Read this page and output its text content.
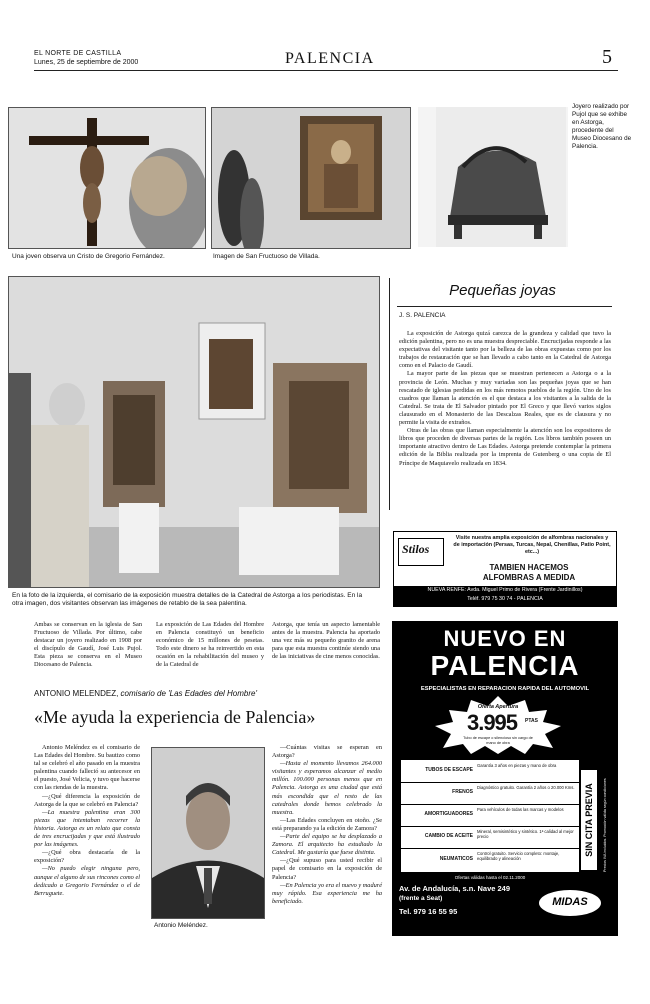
EL NORTE DE CASTILLA
Lunes, 25 de septiembre de 2000	PALENCIA	5
Una joven observa un Cristo de Gregorio Fernández.	Imagen de San Fructuoso de Villada.
Joyero realizado por Pujol que se exhibe en Astorga, procedente del Museo Diocesano de Palencia.
En la foto de la izquierda, el comisario de la exposición muestra detalles de la Catedral de Astorga a los periodistas. En la otra imagen, dos visitantes observan las imágenes de retablo de la sea palentina.
Pequeñas joyas
J. S. PALENCIA

La exposición de Astorga quizá carezca de la grandeza y calidad que tuvo la edición palentina, pero no es una muestra despreciable. Encrucijadas responde a las expectativas del visitante tanto por la belleza de las obras expuestas como por los trabajos de restauración que se han llevado a cabo tanto en la Catedral de Astorga como en el Palacio de Gaudí.

La mayor parte de las piezas que se muestran pertenecen a Astorga o a la provincia de León. Muchas y muy variadas son las pequeñas joyas que se han rescatado de iglesias perdidas en los más remotos pueblos de la región. Uno de los cuadros que llaman la atención es el que destaca a los visitantes a la salida de la Catedral. Se trata de El Salvador pintado por El Greco y que llevó varios siglos clausurado en el Monasterio de las Descalzas Reales, que es de clausura y no permite la visita de extraños.

Otras de las obras que llaman especialmente la atención son los expositores de libros que proceden de diversas partes de la región. Los libros también poseen un importante atractivo dentro de Las Edades. Astorga pretende contemplar la primera edición de la Biblia realizada por la imprenta de Gutenberg o una copia de El Príncipe de Maquiavelo realizada en 1834.

Stilos
Visite nuestra amplia exposición de alfombras nacionales y de importación (Persas, Turcas, Nepal, Chenillas, Patio Point, etc...)
TAMBIEN HACEMOS
ALFOMBRAS A MEDIDA
NUEVA RENFE: Avda. Miguel Primo de Rivera (Frente Jardinillos)
Teléf. 979 75 30 74 - PALENCIA
Ambas se conservan en la iglesia de San Fructuoso de Villada. Por último, cabe destacar un joyero realizado en 1908 por el discípulo de Gaudí, José Luis Pujol. Esta pieza se conserva en el Museo Diocesano de Palencia.
La exposición de Las Edades del Hombre en Palencia constituyó un beneficio económico de 15 millones de pesetas. Todo este dinero se ha reinvertido en esta ocasión en la rehabilitación del museo y de la Catedral de
Astorga, que tenía un aspecto lamentable antes de la muestra. Palencia ha aportado una vez más su pequeño granito de arena para que esta muestra continúe siendo una de las iniciativas de cine menos conocidas.
ANTONIO MELENDEZ, comisario de 'Las Edades del Hombre'
«Me ayuda la experiencia de Palencia»

Antonio Meléndez es el comisario de Las Edades del Hombre. Su bautizo como tal se celebró el año pasado en la muestra palentina cuando falleció su antecesor en el puesto, José Velicia, y tuvo que hacerse con las riendas de la muestra.

—¿Qué diferencia la exposición de Astorga de la que se celebró en Palencia?

—La muestra palentina eran 300 piezas que intentaban recorrer la historia. Astorga es un relato que consta de tres encrucijadas y que está ilustrado por las imágenes.

—¿Qué obra destacaría de la exposición?

—No puedo elegir ninguna pero, aunque el alguno de sus rincones como el dedicado a Gregorio Fernández o el de Berruguete.

Antonio Meléndez.

—Cuántas visitas se esperan en Astorga?

—Hasta el momento llevamos 264.000 visitantes y esperamos alcanzar el medio millón. 100.000 personas menos que en Palencia. Astorga es una ciudad que está más escondida que el resto de las catedrales donde hemos celebrado la muestra.

—Las Edades concluyen en otoño. ¿Se está preparando ya la edición de Zamora?

—Parte del equipo se ha desplazado a Zamora. El arquitecto ha estudiado la Catedral. Me gustaría que fuese distinta.

—¿Qué supuso para usted recibir el papel de comisario en la exposición de Palencia?

—En Palencia yo era el nuevo y maduré muy rápido. Esa experiencia me ha beneficiado.

NUEVO EN
PALENCIA
ESPECIALISTAS EN REPARACION RAPIDA DEL AUTOMOVIL
Oferta Apertura
3.995	PTAS
Tubo de escape o silencioso sin cargo de mano de obra
TUBOS DE ESCAPE
Garantía 3 años en piezas y mano de obra
FRENOS
Diagnóstico gratuito. Garantía 2 años o 20.000 Kms.
AMORTIGUADORES
Para vehículos de todas las marcas y modelos
CAMBIO DE ACEITE
Mineral, semisintético y sintético. 1ª calidad al mejor precio
NEUMATICOS
Control gratuito. Servicio completo: montaje, equilibrado y alineación
SIN CITA PREVIA	Precios IVA incluidos. Promoción válida según condiciones
Ofertas válidas hasta el 02.11.2000
Av. de Andalucía, s.n. Nave 249
(frente a Seat)
Tel. 979 16 55 95
MIDAS
